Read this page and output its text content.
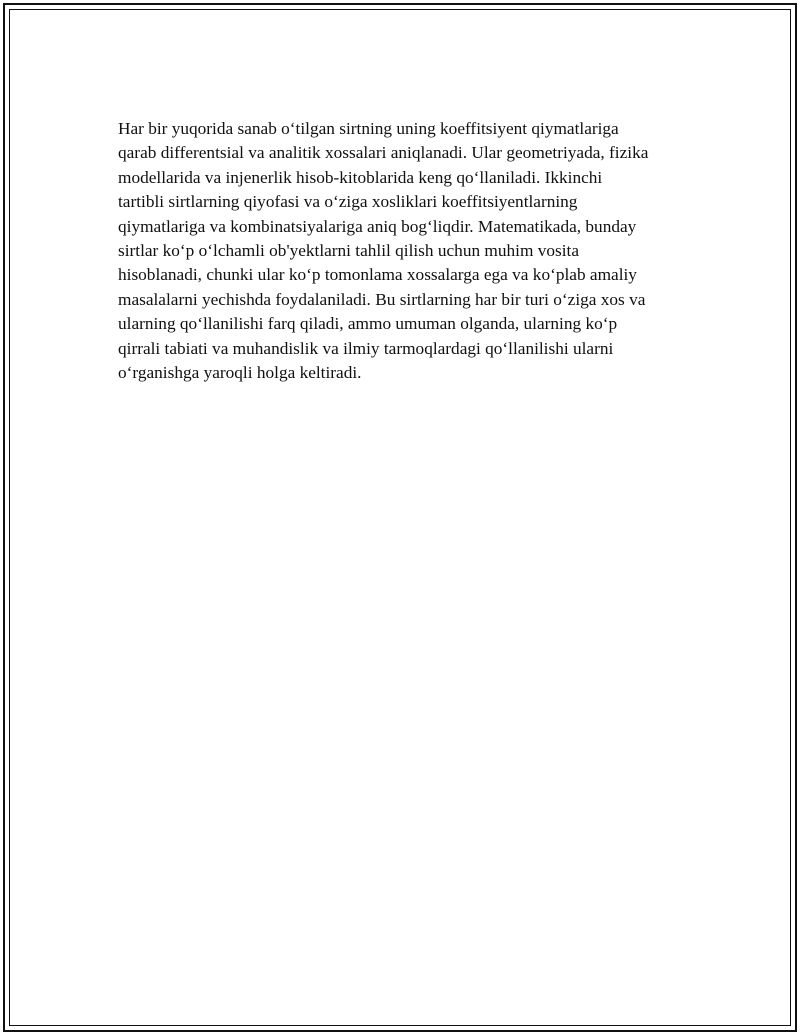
Har bir yuqorida sanab o‘tilgan sirtning uning koeffitsiyent qiymatlariga
qarab differentsial va analitik xossalari aniqlanadi. Ular geometriyada, fizika
modellarida va injenerlik hisob-kitoblarida keng qo‘llaniladi. Ikkinchi
tartibli sirtlarning qiyofasi va o‘ziga xosliklari koeffitsiyentlarning
qiymatlariga va kombinatsiyalariga aniq bog‘liqdir. Matematikada, bunday
sirtlar ko‘p o‘lchamli ob'yektlarni tahlil qilish uchun muhim vosita
hisoblanadi, chunki ular ko‘p tomonlama xossalarga ega va ko‘plab amaliy
masalalarni yechishda foydalaniladi. Bu sirtlarning har bir turi o‘ziga xos va
ularning qo‘llanilishi farq qiladi, ammo umuman olganda, ularning ko‘p
qirrali tabiati va muhandislik va ilmiy tarmoqlardagi qo‘llanilishi ularni
o‘rganishga yaroqli holga keltiradi.
